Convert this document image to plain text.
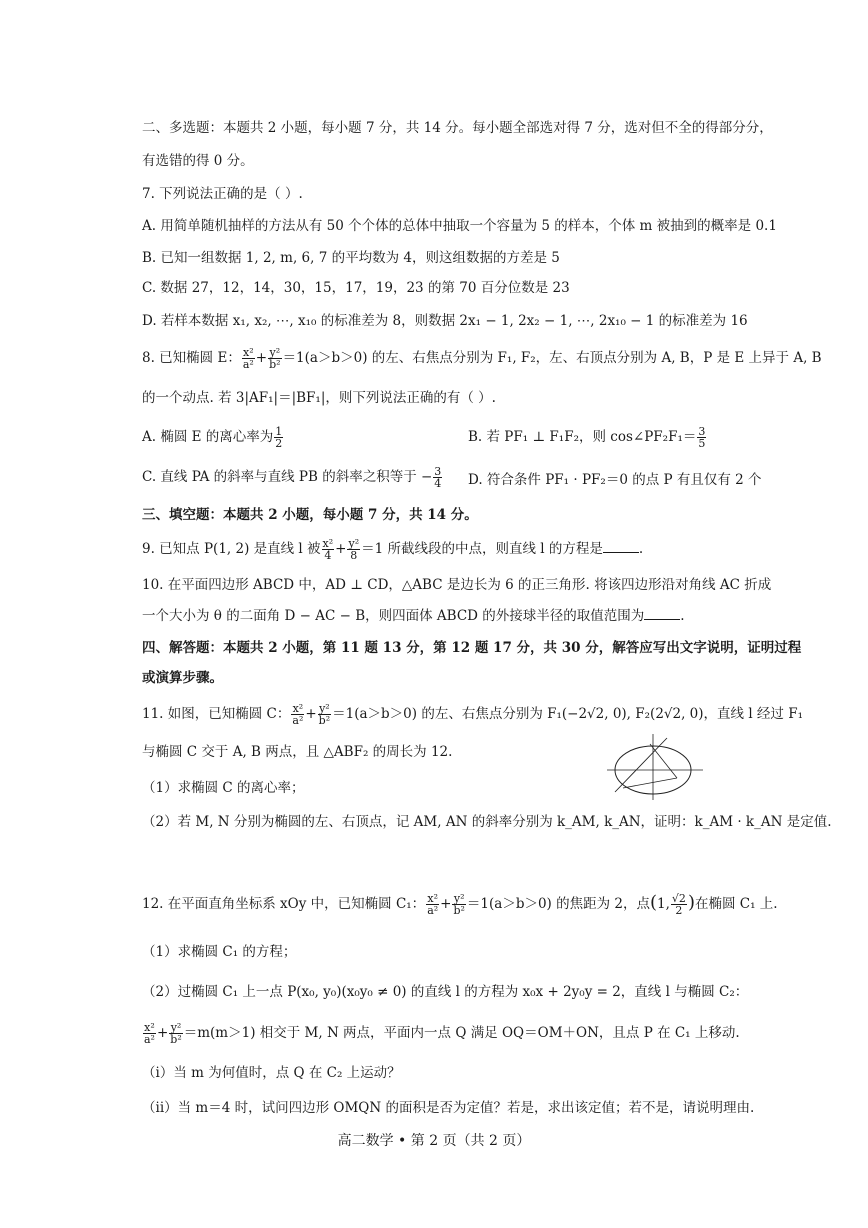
二、多选题：本题共 2 小题，每小题 7 分，共 14 分。每小题全部选对得 7 分，选对但不全的得部分分，
有选错的得 0 分。
7. 下列说法正确的是（ ）.
A. 用简单随机抽样的方法从有 50 个个体的总体中抽取一个容量为 5 的样本，个体 m 被抽到的概率是 0.1
B. 已知一组数据 1, 2, m, 6, 7 的平均数为 4，则这组数据的方差是 5
C. 数据 27，12，14，30，15，17，19，23 的第 70 百分位数是 23
D. 若样本数据 x₁, x₂, ⋯, x₁₀ 的标准差为 8，则数据 2x₁ − 1, 2x₂ − 1, ⋯, 2x₁₀ − 1 的标准差为 16
8. 已知椭圆 E： $\frac{\text{x²}}{\text{a²}} + \frac{\text{y²}}{\text{b²}} =1(a>b>0)$ 的左、右焦点分别为 F₁, F₂，左、右顶点分别为 A, B，P 是 E 上异于 A, B
的一个动点. 若 3|AF₁|＝|BF₁|，则下列说法正确的有（ ）.
A. 椭圆 E 的离心率为 $\frac{1}{2}$	B. 若 PF₁ ⊥ F₁F₂，则 cos∠PF₂F₁＝ $\frac{3}{5}$
C. 直线 PA 的斜率与直线 PB 的斜率之积等于 − $\frac{3}{4} D$. 符合条件 PF₁ · PF₂＝0 的点 P 有且仅有 2 个
三、填空题：本题共 2 小题，每小题 7 分，共 14 分。
9. 已知点 P(1, 2) 是直线 l 被 $\frac{\text{x²}}{4} + \frac{\text{y²}}{8} =1$ 所截线段的中点，则直线 l 的方程是	.
10. 在平面四边形 ABCD 中，AD ⊥ CD，△ABC 是边长为 6 的正三角形. 将该四边形沿对角线 AC 折成
一个大小为 θ 的二面角 D − AC − B，则四面体 ABCD 的外接球半径的取值范围为	.
四、解答题：本题共 2 小题，第 11 题 13 分，第 12 题 17 分，共 30 分，解答应写出文字说明，证明过程
或演算步骤。
11. 如图，已知椭圆 C： $\frac{\text{x²}}{\text{a²}} + \frac{\text{y²}}{\text{b²}} =1(a>b>0)$ 的左、右焦点分别为 F₁(−2√2, 0), F₂(2√2, 0)，直线 l 经过 F₁
与椭圆 C 交于 A, B 两点，且 △ABF₂ 的周长为 12.
（1）求椭圆 C 的离心率；
（2）若 M, N 分别为椭圆的左、右顶点，记 AM, AN 的斜率分别为 k_AM, k_AN，证明：k_AM · k_AN 是定值.
12. 在平面直角坐标系 xOy 中，已知椭圆 C₁： $\frac{\text{x²}}{\text{a²}} + \frac{\text{y²}}{\text{b²}} =1(a>b>0)$ 的焦距为 2，点(1, $\frac{√2}{2}$ )在椭圆 C₁ 上.
（1）求椭圆 C₁ 的方程；
（2）过椭圆 C₁ 上一点 P(x₀, y₀)(x₀y₀ ≠ 0) 的直线 l 的方程为 x₀x + 2y₀y = 2，直线 l 与椭圆 C₂：
$\frac{\text{x²}}{\text{a²}} + \frac{\text{y²}}{\text{b²}} =m(m>1)$ 相交于 M, N 两点，平面内一点 Q 满足 OQ＝OM＋ON，且点 P 在 C₁ 上移动.
（i）当 m 为何值时，点 Q 在 C₂ 上运动？
（ii）当 m＝4 时，试问四边形 OMQN 的面积是否为定值？若是，求出该定值；若不是，请说明理由.
高二数学 • 第 2 页（共 2 页）
